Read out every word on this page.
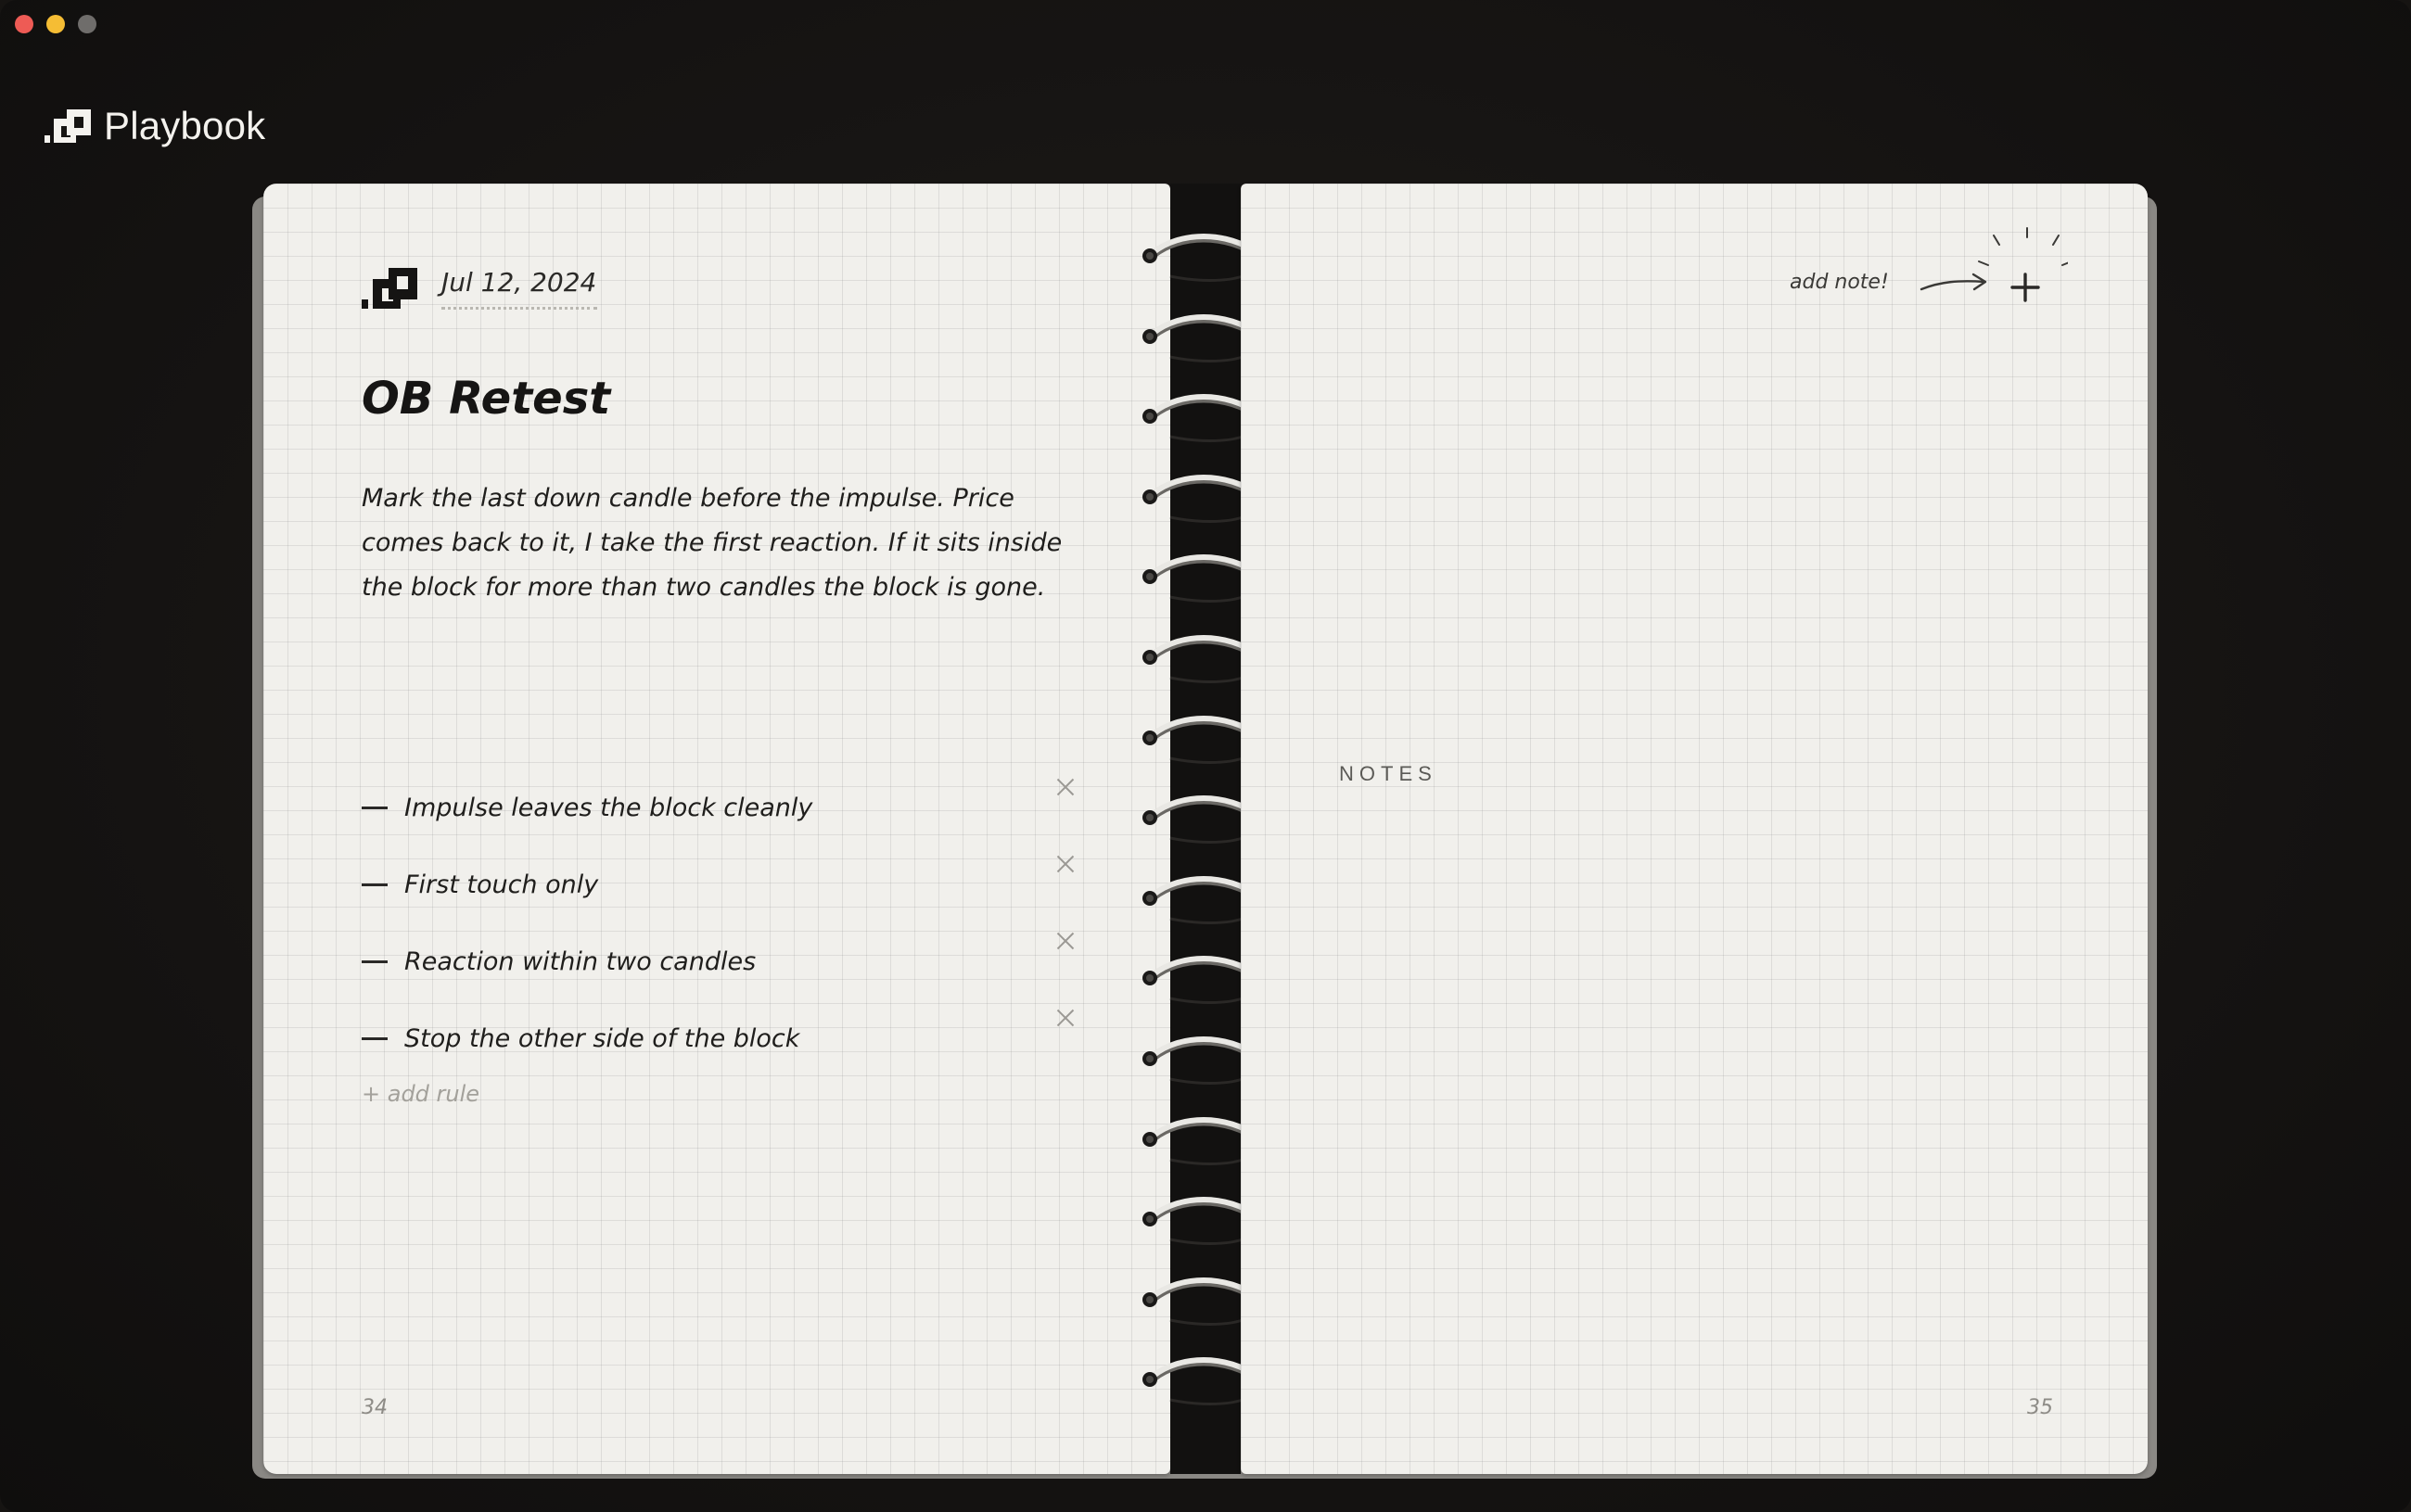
Playbook
Jul 12, 2024
OB Retest
Mark the last down candle before the impulse. Price comes back to it, I take the first reaction. If it sits inside the block for more than two candles the block is gone.
Impulse leaves the block cleanly
First touch only
Reaction within two candles
Stop the other side of the block
+ add rule
34
NOTES
add note!
35
